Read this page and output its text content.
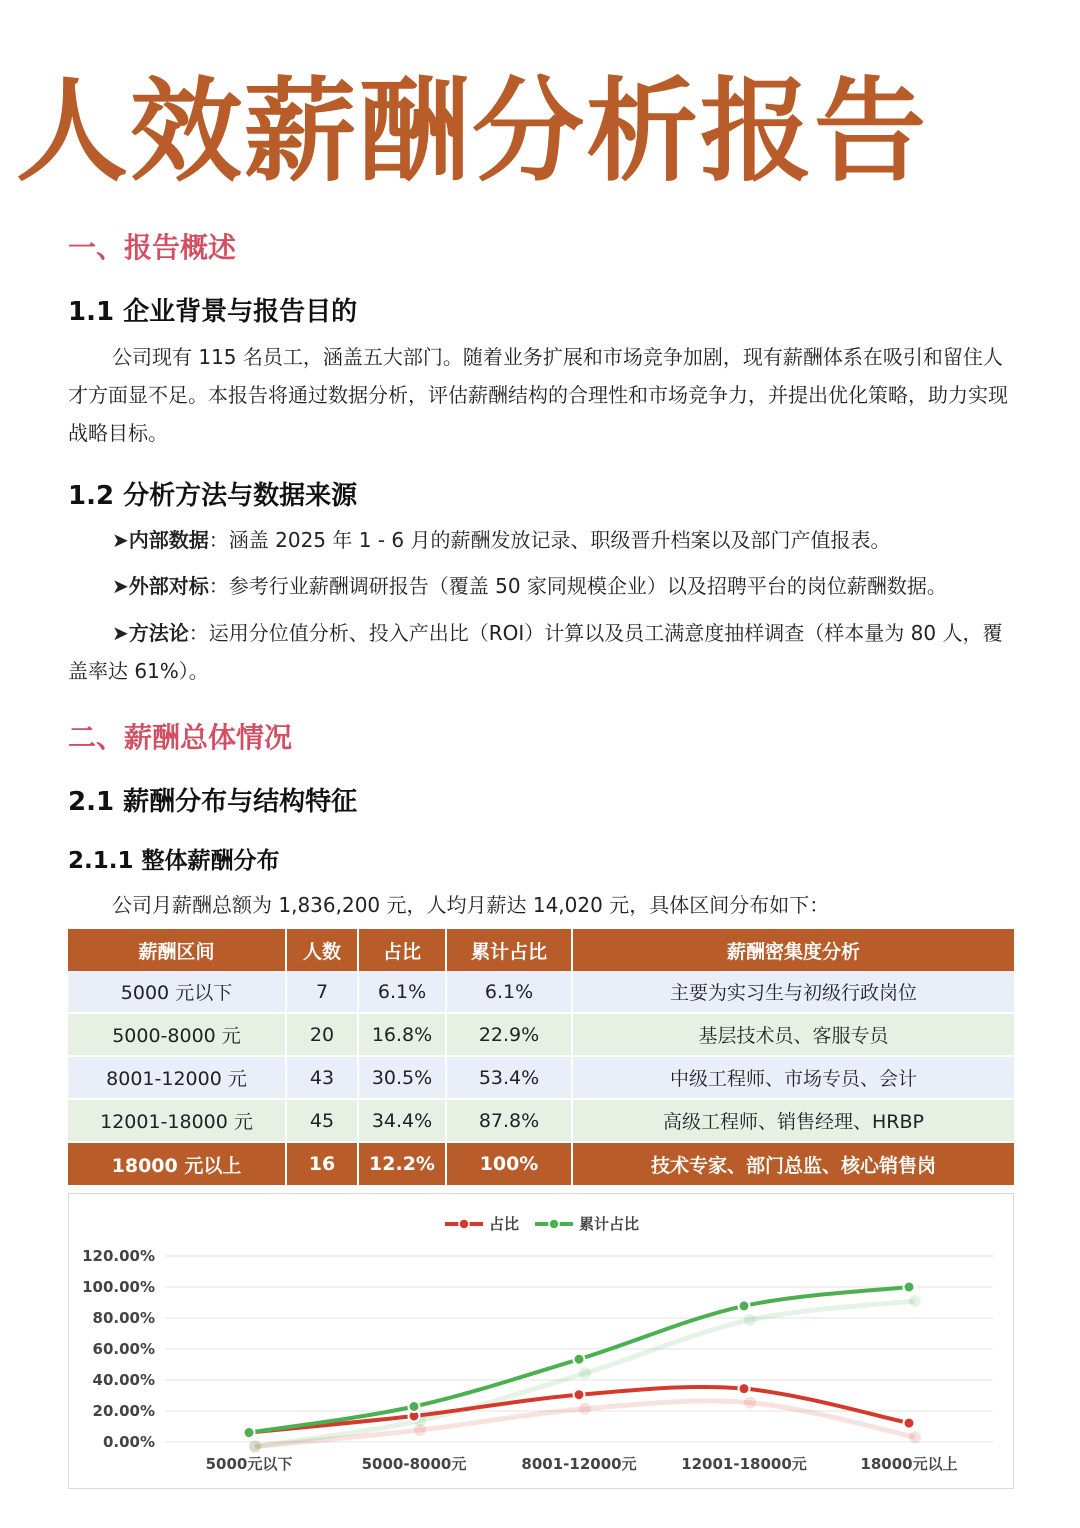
人效薪酬分析报告
一、报告概述
1.1 企业背景与报告目的

公司现有 115 名员工，涵盖五大部门。随着业务扩展和市场竞争加剧，现有薪酬体系在吸引和留住人才方面显不足。本报告将通过数据分析，评估薪酬结构的合理性和市场竞争力，并提出优化策略，助力实现战略目标。

1.2 分析方法与数据来源

➤内部数据：涵盖 2025 年 1 - 6 月的薪酬发放记录、职级晋升档案以及部门产值报表。

➤外部对标：参考行业薪酬调研报告（覆盖 50 家同规模企业）以及招聘平台的岗位薪酬数据。

➤方法论：运用分位值分析、投入产出比（ROI）计算以及员工满意度抽样调查（样本量为 80 人，覆盖率达 61%）。

二、薪酬总体情况
2.1 薪酬分布与结构特征
2.1.1 整体薪酬分布

公司月薪酬总额为 1,836,200 元，人均月薪达 14,020 元，具体区间分布如下：

薪酬区间	人数	占比	累计占比	薪酬密集度分析
5000 元以下	7	6.1%	6.1%	主要为实习生与初级行政岗位
5000-8000 元	20	16.8%	22.9%	基层技术员、客服专员
8001-12000 元	43	30.5%	53.4%	中级工程师、市场专员、会计
12001-18000 元	45	34.4%	87.8%	高级工程师、销售经理、HRBP
18000 元以上	16	12.2%	100%	技术专家、部门总监、核心销售岗
0.00%
20.00%
40.00%
60.00%
80.00%
100.00%
120.00%
5000元以下	5000-8000元	8001-12000元	12001-18000元	18000元以上
占比	累计占比
